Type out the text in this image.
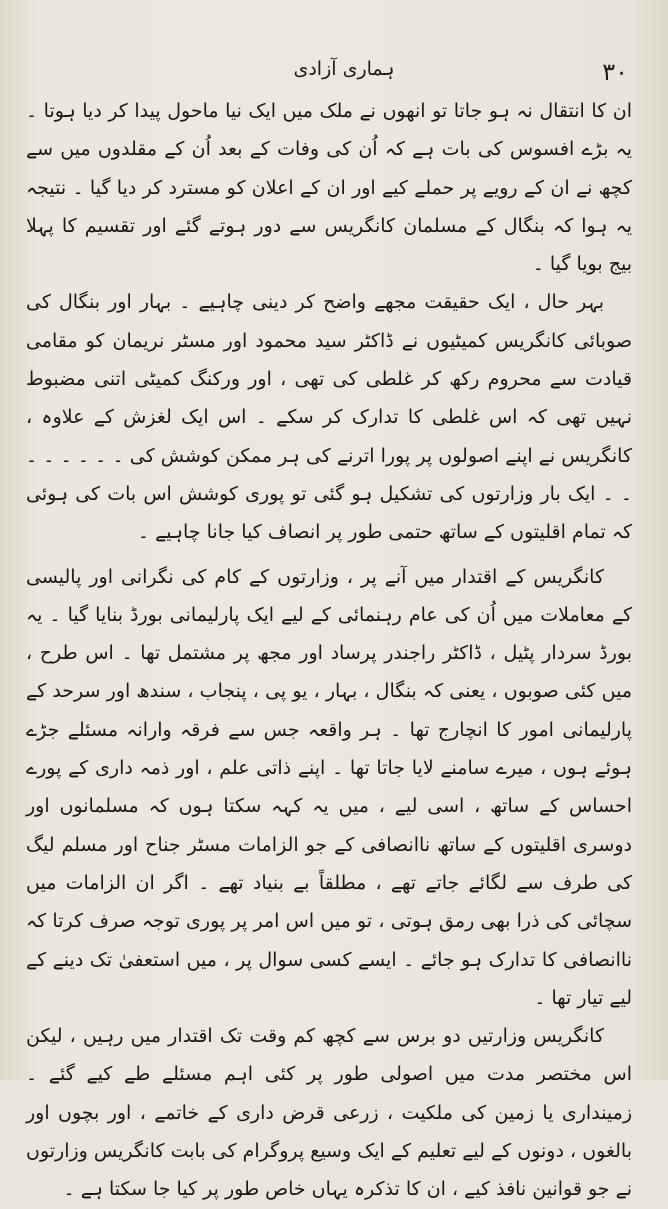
۳۰
ہماری آزادی

ان کا انتقال نہ ہو جاتا تو انھوں نے ملک میں ایک نیا ماحول پیدا کر دیا ہوتا ۔ یہ بڑے افسوس کی بات ہے کہ اُن کی وفات کے بعد اُن کے مقلدوں میں سے کچھ نے ان کے رویے پر حملے کیے اور ان کے اعلان کو مسترد کر دیا گیا ۔ نتیجہ یہ ہوا کہ بنگال کے مسلمان کانگریس سے دور ہوتے گئے اور تقسیم کا پہلا بیج بویا گیا ۔

بہر حال ، ایک حقیقت مجھے واضح کر دینی چاہیے ۔ بہار اور بنگال کی صوبائی کانگریس کمیٹیوں نے ڈاکٹر سید محمود اور مسٹر نریمان کو مقامی قیادت سے محروم رکھ کر غلطی کی تھی ، اور ورکنگ کمیٹی اتنی مضبوط نہیں تھی کہ اس غلطی کا تدارک کر سکے ۔ اس ایک لغزش کے علاوہ ، کانگریس نے اپنے اصولوں پر پورا اترنے کی ہر ممکن کوشش کی ۔ ۔ ۔ ۔ ۔ ۔ ۔ ۔ ایک بار وزارتوں کی تشکیل ہو گئی تو پوری کوشش اس بات کی ہوئی کہ تمام اقلیتوں کے ساتھ حتمی طور پر انصاف کیا جانا چاہیے ۔

کانگریس کے اقتدار میں آنے پر ، وزارتوں کے کام کی نگرانی اور پالیسی کے معاملات میں اُن کی عام رہنمائی کے لیے ایک پارلیمانی بورڈ بنایا گیا ۔ یہ بورڈ سردار پٹیل ، ڈاکٹر راجندر پرساد اور مجھ پر مشتمل تھا ۔ اس طرح ، میں کئی صوبوں ، یعنی کہ بنگال ، بہار ، یو پی ، پنجاب ، سندھ اور سرحد کے پارلیمانی امور کا انچارج تھا ۔ ہر واقعہ جس سے فرقہ وارانہ مسئلے جڑے ہوئے ہوں ، میرے سامنے لایا جاتا تھا ۔ اپنے ذاتی علم ، اور ذمہ داری کے پورے احساس کے ساتھ ، اسی لیے ، میں یہ کہہ سکتا ہوں کہ مسلمانوں اور دوسری اقلیتوں کے ساتھ ناانصافی کے جو الزامات مسٹر جناح اور مسلم لیگ کی طرف سے لگائے جاتے تھے ، مطلقاً بے بنیاد تھے ۔ اگر ان الزامات میں سچائی کی ذرا بھی رمق ہوتی ، تو میں اس امر پر پوری توجہ صرف کرتا کہ ناانصافی کا تدارک ہو جائے ۔ ایسے کسی سوال پر ، میں استعفیٰ تک دینے کے لیے تیار تھا ۔

کانگریس وزارتیں دو برس سے کچھ کم وقت تک اقتدار میں رہیں ، لیکن اس مختصر مدت میں اصولی طور پر کئی اہم مسئلے طے کیے گئے ۔ زمینداری یا زمین کی ملکیت ، زرعی قرض داری کے خاتمے ، اور بچوں اور بالغوں ، دونوں کے لیے تعلیم کے ایک وسیع پروگرام کی بابت کانگریس وزارتوں نے جو قوانین نافذ کیے ، ان کا تذکرہ یہاں خاص طور پر کیا جا سکتا ہے ۔
